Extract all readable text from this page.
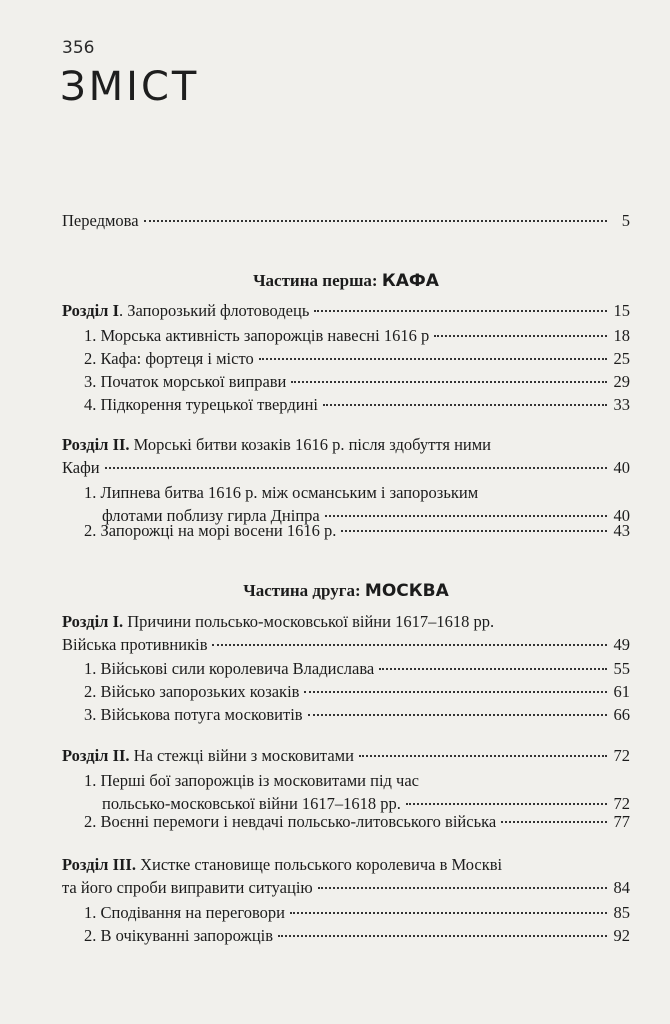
356
ЗМІСТ
Передмова	5
Частина перша: КАФА
Розділ І. Запорозький флотоводець	15
1. Морська активність запорожців навесні 1616 р	18
2. Кафа: фортеця і місто	25
3. Початок морської виправи	29
4. Підкорення турецької твердині	33
Розділ ІІ. Морські битви козаків 1616 р. після здобуття ними
Кафи	40
1. Липнева битва 1616 р. між османським і запорозьким
флотами поблизу гирла Дніпра	40
2. Запорожці на морі восени 1616 р.	43
Частина друга: МОСКВА
Розділ І. Причини польсько-московської війни 1617–1618 рр.
Війська противників	49
1. Військові сили королевича Владислава	55
2. Військо запорозьких козаків	61
3. Військова потуга московитів	66
Розділ ІІ. На стежці війни з московитами	72
1. Перші бої запорожців із московитами під час
польсько-московської війни 1617–1618 рр.	72
2. Воєнні перемоги і невдачі польсько-литовського війська	77
Розділ ІІІ. Хистке становище польського королевича в Москві
та його спроби виправити ситуацію	84
1. Сподівання на переговори	85
2. В очікуванні запорожців	92
